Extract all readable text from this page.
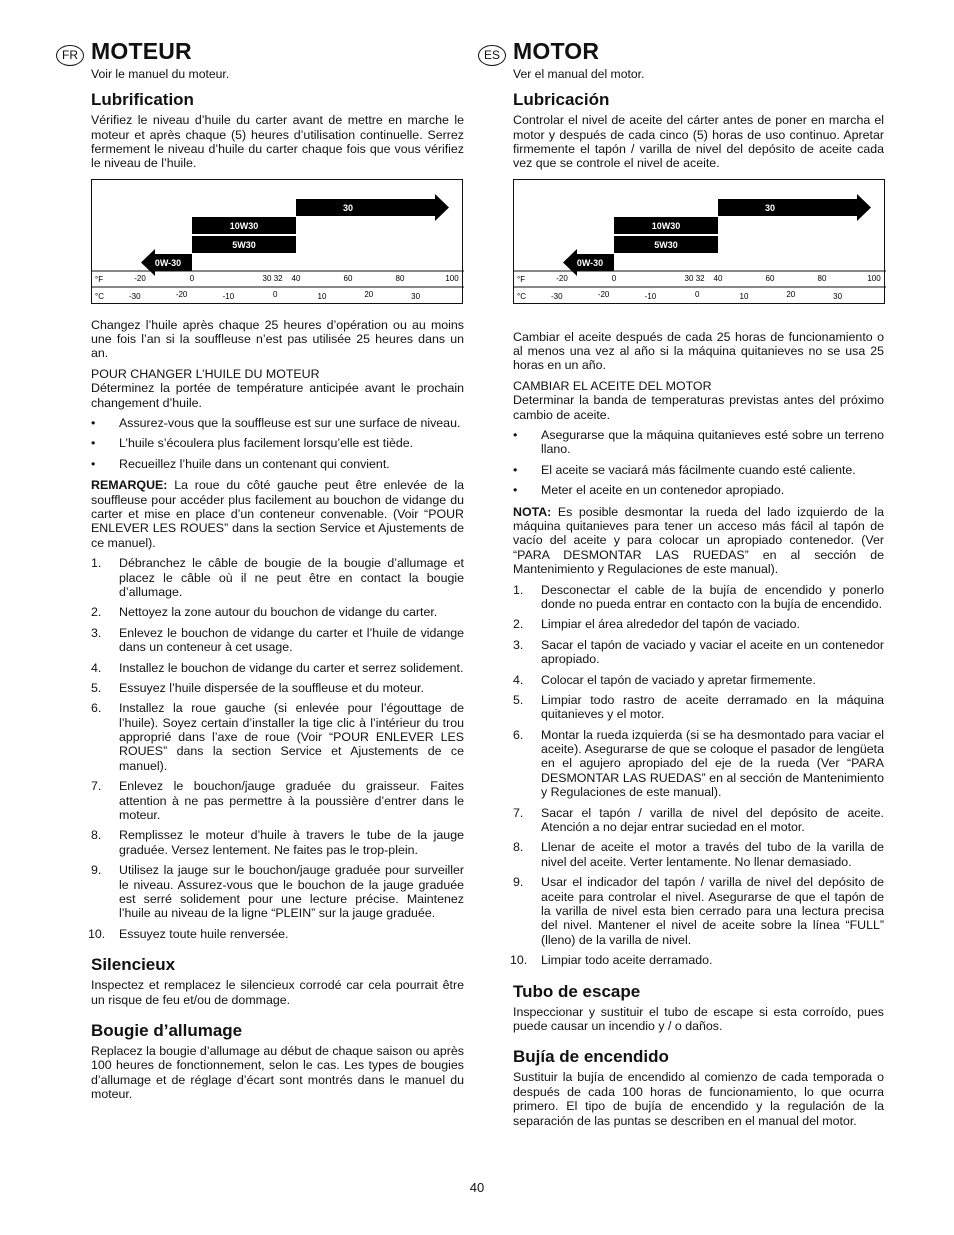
FR MOTEUR
Voir le manuel du moteur.
Lubrification

Vérifiez le niveau d’huile du carter avant de mettre en marche le moteur et après chaque (5) heures d’utilisation continuelle. Serrez fermement le niveau d’huile du carter chaque fois que vous vérifiez le niveau de l’huile.

30
10W30
5W30
0W-30
°F
°C
-20	0	30 32 40	60	80	100
-30	-20	-10	0	10	20	30

Changez l’huile après chaque 25 heures d’opération ou au moins une fois l’an si la souffleuse n’est pas utilisée 25 heures dans un an.

POUR CHANGER L’HUILE DU MOTEUR

Déterminez la portée de température anticipée avant le prochain changement d’huile.

• Assurez-vous que la souffleuse est sur une surface de niveau.
• L’huile s’écoulera plus facilement lorsqu’elle est tiède.
• Recueillez l’huile dans un contenant qui convient.

REMARQUE: La roue du côté gauche peut être enlevée de la souffleuse pour accéder plus facilement au bouchon de vidange du carter et mise en place d’un conteneur convenable. (Voir “POUR ENLEVER LES ROUES” dans la section Service et Ajustements de ce manuel).

1. Débranchez le câble de bougie de la bougie d’allumage et placez le câble où il ne peut être en contact la bougie d’allumage.
2. Nettoyez la zone autour du bouchon de vidange du carter.
3. Enlevez le bouchon de vidange du carter et l’huile de vidange dans un conteneur à cet usage.
4. Installez le bouchon de vidange du carter et serrez solidement.
5. Essuyez l’huile dispersée de la souffleuse et du moteur.
6. Installez la roue gauche (si enlevée pour l’égouttage de l’huile). Soyez certain d’installer la tige clic à l’intérieur du trou approprié dans l’axe de roue (Voir “POUR ENLEVER LES ROUES” dans la section Service et Ajustements de ce manuel).
7. Enlevez le bouchon/jauge graduée du graisseur. Faites attention à ne pas permettre à la poussière d’entrer dans le moteur.
8. Remplissez le moteur d’huile à travers le tube de la jauge graduée. Versez lentement. Ne faites pas le trop-plein.
9. Utilisez la jauge sur le bouchon/jauge graduée pour surveiller le niveau. Assurez-vous que le bouchon de la jauge graduée est serré solidement pour une lecture précise. Maintenez l’huile au niveau de la ligne “PLEIN” sur la jauge graduée.
10. Essuyez toute huile renversée.
Silencieux

Inspectez et remplacez le silencieux corrodé car cela pourrait être un risque de feu et/ou de dommage.

Bougie d’allumage

Replacez la bougie d’allumage au début de chaque saison ou après 100 heures de fonctionnement, selon le cas. Les types de bougies d’allumage et de réglage d’écart sont montrés dans le manuel du moteur.

ES MOTOR
Ver el manual del motor.
Lubricación

Controlar el nivel de aceite del cárter antes de poner en marcha el motor y después de cada cinco (5) horas de uso continuo. Apretar firmemente el tapón / varilla de nivel del depósito de aceite cada vez que se controle el nivel de aceite.

30
10W30
5W30
0W-30
°F
°C
-20	0	30 32 40	60	80	100
-30	-20	-10	0	10	20	30

Cambiar el aceite después de cada 25 horas de funcionamiento o al menos una vez al año si la máquina quitanieves no se usa 25 horas en un año.

CAMBIAR EL ACEITE DEL MOTOR

Determinar la banda de temperaturas previstas antes del próximo cambio de aceite.

• Asegurarse que la máquina quitanieves esté sobre un terreno llano.
• El aceite se vaciará más fácilmente cuando esté caliente.
• Meter el aceite en un contenedor apropiado.

NOTA: Es posible desmontar la rueda del lado izquierdo de la máquina quitanieves para tener un acceso más fácil al tapón de vacío del aceite y para colocar un apropiado contenedor. (Ver “PARA DESMONTAR LAS RUEDAS” en al sección de Mantenimiento y Regulaciones de este manual).

1. Desconectar el cable de la bujía de encendido y ponerlo donde no pueda entrar en contacto con la bujía de encendido.
2. Limpiar el área alrededor del tapón de vaciado.
3. Sacar el tapón de vaciado y vaciar el aceite en un contenedor apropiado.
4. Colocar el tapón de vaciado y apretar firmemente.
5. Limpiar todo rastro de aceite derramado en la máquina quitanieves y el motor.
6. Montar la rueda izquierda (si se ha desmontado para vaciar el aceite). Asegurarse de que se coloque el pasador de lengüeta en el agujero apropiado del eje de la rueda (Ver “PARA DESMONTAR LAS RUEDAS” en al sección de Mantenimiento y Regulaciones de este manual).
7. Sacar el tapón / varilla de nivel del depósito de aceite. Atención a no dejar entrar suciedad en el motor.
8. Llenar de aceite el motor a través del tubo de la varilla de nivel del aceite. Verter lentamente. No llenar demasiado.
9. Usar el indicador del tapón / varilla de nivel del depósito de aceite para controlar el nivel. Asegurarse de que el tapón de la varilla de nivel esta bien cerrado para una lectura precisa del nivel. Mantener el nivel de aceite sobre la línea “FULL” (lleno) de la varilla de nivel.
10. Limpiar todo aceite derramado.
Tubo de escape

Inspeccionar y sustituir el tubo de escape si esta corroído, pues puede causar un incendio y / o daños.

Bujía de encendido

Sustituir la bujía de encendido al comienzo de cada temporada o después de cada 100 horas de funcionamiento, lo que ocurra primero. El tipo de bujía de encendido y la regulación de la separación de las puntas se describen en el manual del motor.

40
